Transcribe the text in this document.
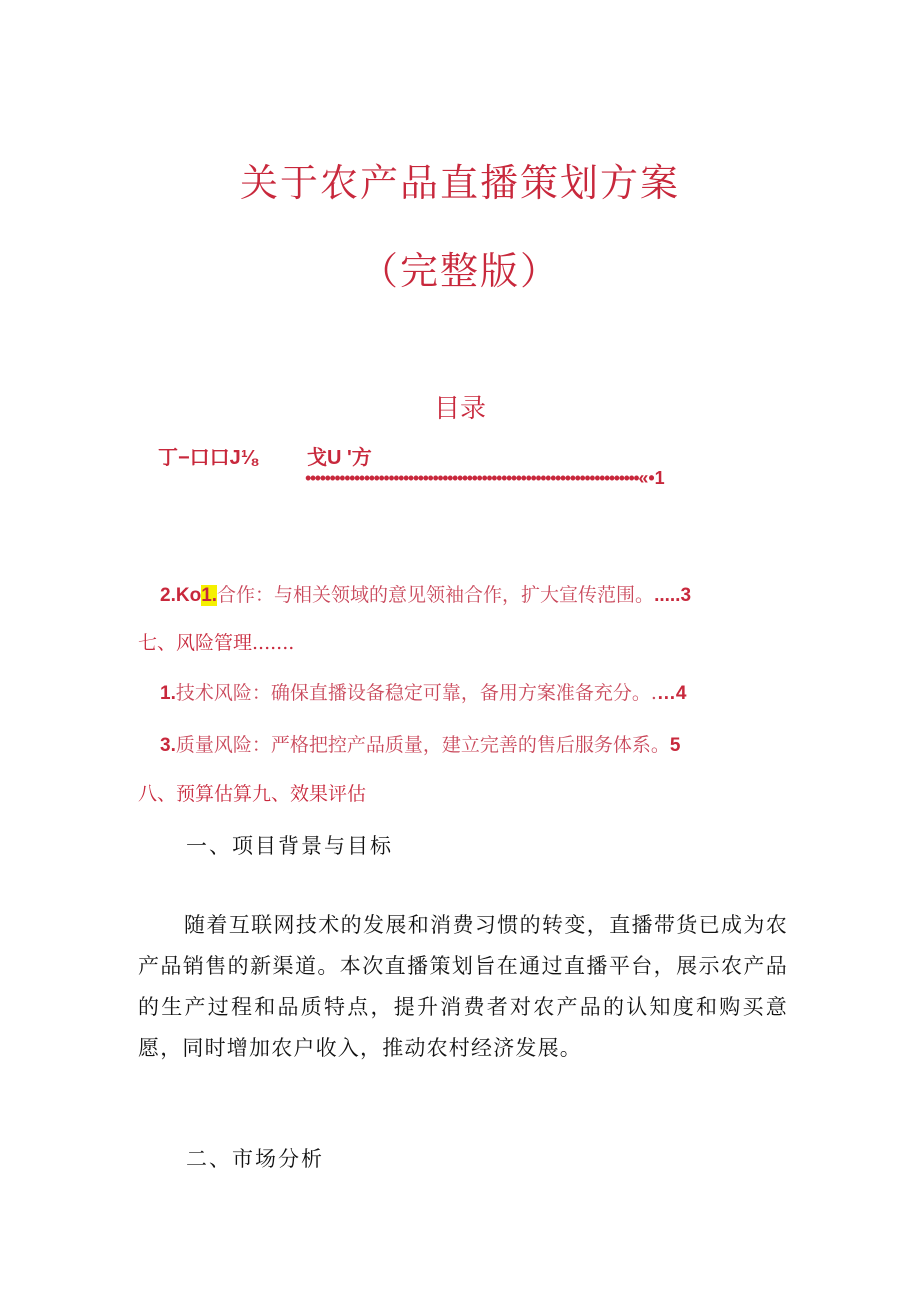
关于农产品直播策划方案
（完整版）
目录
丁−口口J⅛ 戈U '方
••••••••••••••••••••••••••••••••••••••••••••••••••••••••••••••••••••«•1
2.Ko1.合作：与相关领域的意见领袖合作，扩大宣传范围。.....3
七、风险管理.......
1.技术风险：确保直播设备稳定可靠，备用方案准备充分。.…4
3.质量风险：严格把控产品质量，建立完善的售后服务体系。5
八、预算估算九、效果评估
一、项目背景与目标
随着互联网技术的发展和消费习惯的转变，直播带货已成为农产品销售的新渠道。本次直播策划旨在通过直播平台，展示农产品的生产过程和品质特点，提升消费者对农产品的认知度和购买意愿，同时增加农户收入，推动农村经济发展。
二、市场分析
